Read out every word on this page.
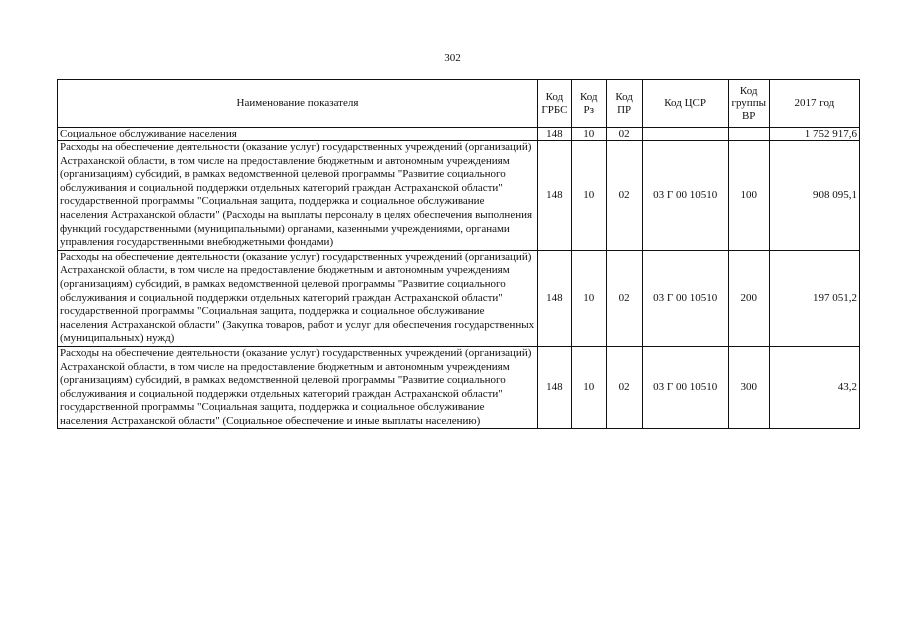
302
Наименование показателя	Код ГРБС	Код Рз	Код ПР	Код ЦСР	Код группы ВР	2017 год
Социальное обслуживание населения	148	10	02			1 752 917,6
Расходы на обеспечение деятельности (оказание услуг) государственных учреждений (организаций) Астраханской области, в том числе на предоставление бюджетным и автономным учреждениям (организациям) субсидий, в рамках ведомственной целевой программы "Развитие социального обслуживания и социальной поддержки отдельных категорий граждан Астраханской области" государственной программы "Социальная защита, поддержка и социальное обслуживание населения Астраханской области" (Расходы на выплаты персоналу в целях обеспечения выполнения функций государственными (муниципальными) органами, казенными учреждениями, органами управления государственными внебюджетными фондами)	148	10	02	03 Г 00 10510	100	908 095,1
Расходы на обеспечение деятельности (оказание услуг) государственных учреждений (организаций) Астраханской области, в том числе на предоставление бюджетным и автономным учреждениям (организациям) субсидий, в рамках ведомственной целевой программы "Развитие социального обслуживания и социальной поддержки отдельных категорий граждан Астраханской области" государственной программы "Социальная защита, поддержка и социальное обслуживание населения Астраханской области" (Закупка товаров, работ и услуг для обеспечения государственных (муниципальных) нужд)	148	10	02	03 Г 00 10510	200	197 051,2
Расходы на обеспечение деятельности (оказание услуг) государственных учреждений (организаций) Астраханской области, в том числе на предоставление бюджетным и автономным учреждениям (организациям) субсидий, в рамках ведомственной целевой программы "Развитие социального обслуживания и социальной поддержки отдельных категорий граждан Астраханской области" государственной программы "Социальная защита, поддержка и социальное обслуживание населения Астраханской области" (Социальное обеспечение и иные выплаты населению)	148	10	02	03 Г 00 10510	300	43,2
